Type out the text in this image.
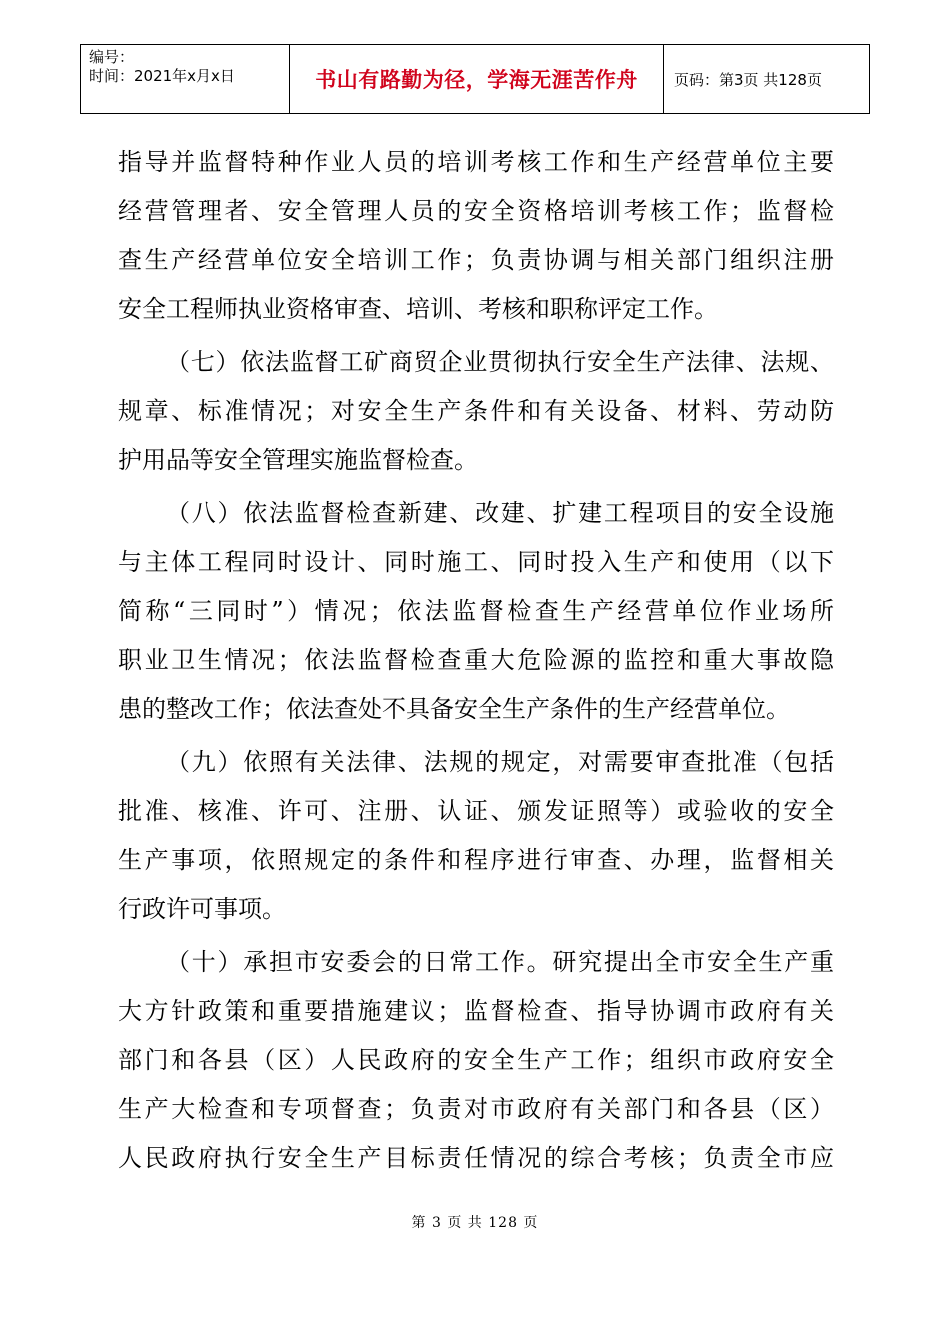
编号：
时间：2021年x月x日	书山有路勤为径，学海无涯苦作舟	页码：第3页 共128页
指导并监督特种作业人员的培训考核工作和生产经营单位主要
经营管理者、安全管理人员的安全资格培训考核工作；监督检
查生产经营单位安全培训工作；负责协调与相关部门组织注册
安全工程师执业资格审查、培训、考核和职称评定工作。
（七）依法监督工矿商贸企业贯彻执行安全生产法律、法规、
规章、标准情况；对安全生产条件和有关设备、材料、劳动防
护用品等安全管理实施监督检查。
（八）依法监督检查新建、改建、扩建工程项目的安全设施
与主体工程同时设计、同时施工、同时投入生产和使用（以下
简称“三同时”）情况；依法监督检查生产经营单位作业场所
职业卫生情况；依法监督检查重大危险源的监控和重大事故隐
患的整改工作；依法查处不具备安全生产条件的生产经营单位。
（九）依照有关法律、法规的规定，对需要审查批准（包括
批准、核准、许可、注册、认证、颁发证照等）或验收的安全
生产事项，依照规定的条件和程序进行审查、办理，监督相关
行政许可事项。
（十）承担市安委会的日常工作。研究提出全市安全生产重
大方针政策和重要措施建议；监督检查、指导协调市政府有关
部门和各县（区）人民政府的安全生产工作；组织市政府安全
生产大检查和专项督查；负责对市政府有关部门和各县（区）
人民政府执行安全生产目标责任情况的综合考核；负责全市应
第 3 页 共 128 页
